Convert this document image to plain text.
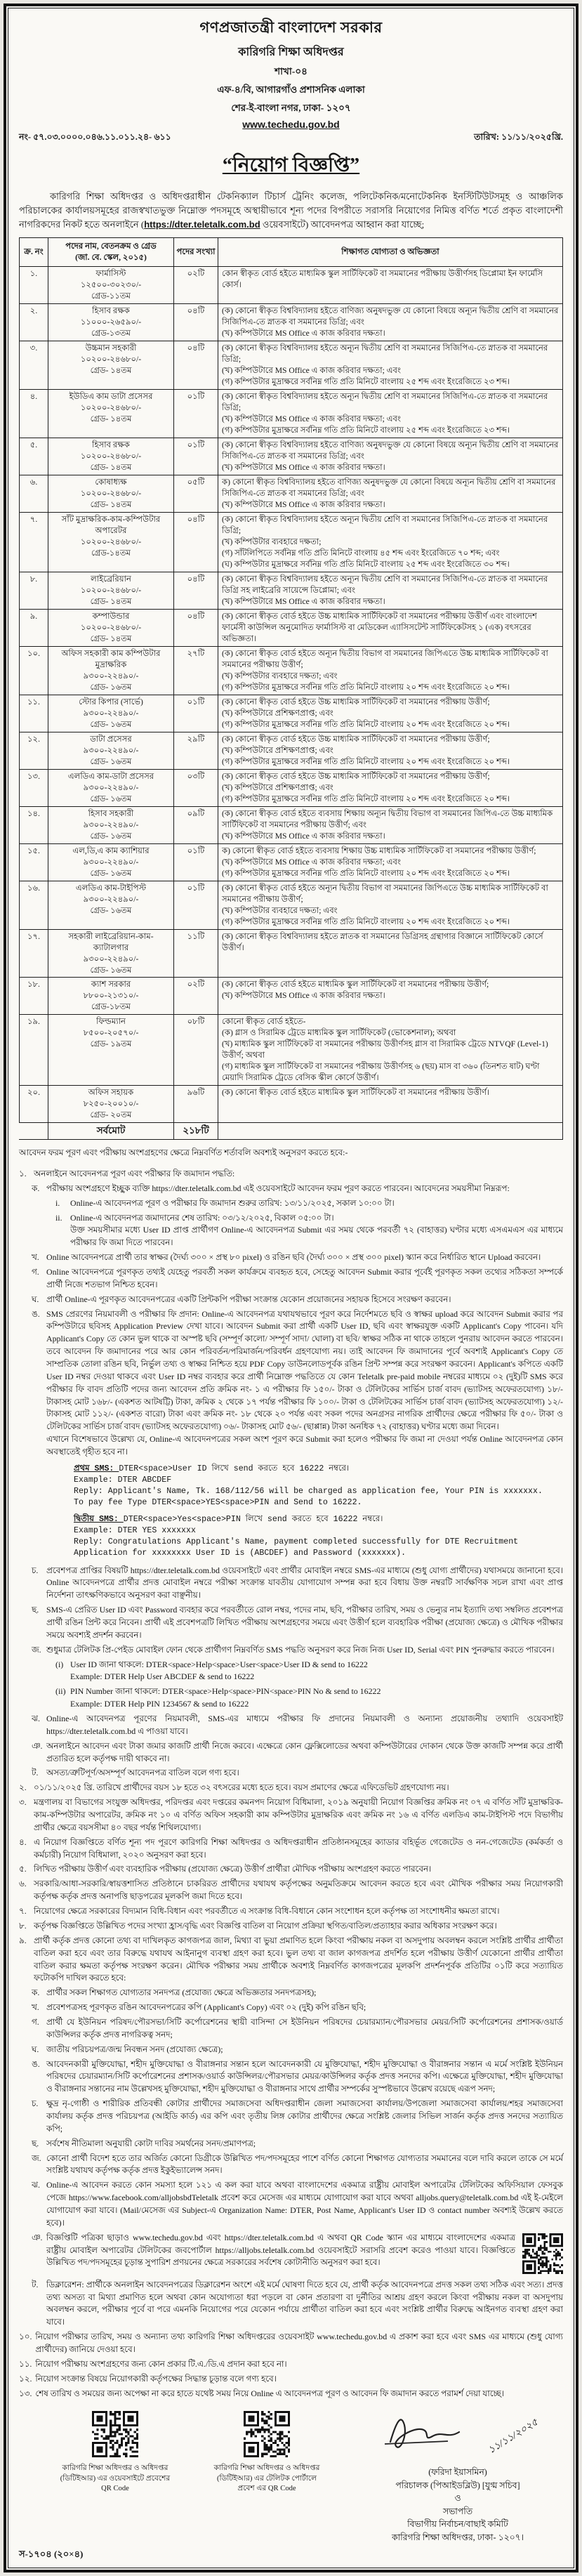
গণপ্রজাতন্ত্রী বাংলাদেশ সরকার
কারিগরি শিক্ষা অধিদপ্তর
শাখা-০৪
এফ-৪/বি, আগারগাঁও প্রশাসনিক এলাকা
শের-ই-বাংলা নগর, ঢাকা- ১২০৭
www.techedu.gov.bd
নং- ৫৭.০৩.০০০০.০৪৬.১১.০১১.২৪- ৬১১	তারিখ: ১১/১১/২০২৫খ্রি.
“নিয়োগ বিজ্ঞপ্তি”
কারিগরি শিক্ষা অধিদপ্তর ও অধিদপ্তরাধীন টেকনিক্যাল টিচার্স ট্রেনিং কলেজ, পলিটেকনিক/মনোটেকনিক ইনস্টিটিউটসমূহ ও আঞ্চলিক পরিচালকের কার্যালয়সমূহের রাজস্বখাতভুক্ত নিম্নোক্ত পদসমূহে অস্থায়ীভাবে শূন্য পদের বিপরীতে সরাসরি নিয়োগের নিমিত্ত বর্ণিত শর্তে প্রকৃত বাংলাদেশী নাগরিকদের নিকট হতে অনলাইনে (https://dter.teletalk.com.bd ওয়েবসাইটে) আবেদনপত্র আহ্বান করা যাচ্ছে;
ক্র. নং	পদের নাম, বেতনক্রম ও গ্রেড
(জা. বে. স্কেল, ২০১৫)	পদের সংখ্যা	শিক্ষাগত যোগ্যতা ও অভিজ্ঞতা
১.	ফার্মাসিস্ট
১২৫০০-৩০২৩০/-
গ্রেড-১১তম	০২টি	কোন স্বীকৃত বোর্ড হইতে মাধ্যমিক স্কুল সার্টিফিকেট বা সমমানের পরীক্ষায় উত্তীর্ণসহ ডিপ্লোমা ইন ফার্মেসি কোর্স।

২.	হিসাব রক্ষক
১১০০০-২৬৫৯০/-
গ্রেড-১৩তম
	০৪টি	(ক) কোনো স্বীকৃত বিশ্ববিদ্যালয় হইতে বাণিজ্য অনুষদভুক্ত যে কোনো বিষয়ে অন্যূন দ্বিতীয় শ্রেণি বা সমমানের সিজিপিএ-তে স্নাতক বা সমমানের ডিগ্রি; এবং
(খ) কম্পিউটারে MS Office এ কাজ করিবার দক্ষতা।

৩.	উচ্চমান সহকারী
১০২০০-২৪৬৮০/-
গ্রেড- ১৪তম
	০৪টি	(ক) কোনো স্বীকৃত বিশ্ববিদ্যালয় হইতে অন্যূন দ্বিতীয় শ্রেণি বা সমমানের সিজিপিএ-তে স্নাতক বা সমমানের ডিগ্রি;
(খ) কম্পিউটারে MS Office এ কাজ করিবার দক্ষতা; এবং
(গ) কম্পিউটার মুদ্রাক্ষরে সর্বনিম্ন গতি প্রতি মিনিটে বাংলায় ২৫ শব্দ এবং ইংরেজিতে ২৩ শব্দ।

৪.	ইউডিএ কাম ডাটা প্রসেসর
১০২০০-২৪৬৮০/-
গ্রেড- ১৪তম
	০১টি	(ক) কোনো স্বীকৃত বিশ্ববিদ্যালয় হইতে অন্যূন দ্বিতীয় শ্রেণি বা সমমানের সিজিপিএ-তে স্নাতক বা সমমানের ডিগ্রি;
(খ) কম্পিউটারে MS Office এ কাজ করিবার দক্ষতা; এবং
(গ) কম্পিউটার মুদ্রাক্ষরে সর্বনিম্ন গতি প্রতি মিনিটে বাংলায় ২৫ শব্দ এবং ইংরেজিতে ২৩ শব্দ।

৫.	হিসাব রক্ষক
১০২০০-২৪৬৮০/-
গ্রেড- ১৪তম
	০১টি	(ক) কোনো স্বীকৃত বিশ্ববিদ্যালয় হইতে বাণিজ্য অনুষদভুক্ত যে কোনো বিষয়ে অন্যূন দ্বিতীয় শ্রেণি বা সমমানের সিজিপিএ-তে স্নাতক বা সমমানের ডিগ্রি; এবং
(খ) কম্পিউটারে MS Office এ কাজ করিবার দক্ষতা।

৬.	কোষাধ্যক্ষ
১০২০০-২৪৬৮০/-
গ্রেড- ১৪তম
	০৫টি	ক) কোনো স্বীকৃত বিশ্ববিদ্যালয় হইতে বাণিজ্য অনুষদভুক্ত যে কোনো বিষয়ে অন্যূন দ্বিতীয় শ্রেণি বা সমমানের সিজিপিএ-তে স্নাতক বা সমমানের ডিগ্রি; এবং
(খ) কম্পিউটারে MS Office এ কাজ করিবার দক্ষতা।

৭.	সাঁট মুদ্রাক্ষরিক-কাম-কম্পিউটার অপারেটর
১০২০০-২৪৬৮০/-
গ্রেড-১৪তম
	০৪টি	(ক) কোনো স্বীকৃত বিশ্ববিদ্যালয় হইতে অন্যূন দ্বিতীয় শ্রেণি বা সমমানের সিজিপিএ-তে স্নাতক বা সমমানের ডিগ্রি;
(খ) কম্পিউটার ব্যবহারে দক্ষতা;
(গ) সাঁটলিপিতে সর্বনিম্ন গতি প্রতি মিনিটে বাংলায় ৪৫ শব্দ এবং ইংরেজিতে ৭০ শব্দ; এবং
(ঘ) কম্পিউটার মুদ্রাক্ষরে সর্বনিম্ন গতি প্রতি মিনিটে বাংলায় ২৫ শব্দ এবং ইংরেজিতে ৩০ শব্দ।

৮.	লাইব্রেরিয়ান
১০২০০-২৪৬৮০/-
গ্রেড- ১৪তম
	০৪টি	(ক) কোনো স্বীকৃত বিশ্ববিদ্যালয় হইতে অন্যূন দ্বিতীয় শ্রেণি বা সমমানের সিজিপিএ-তে স্নাতক বা সমমানের ডিগ্রি সহ লাইব্রেরি সায়েন্সে ডিপ্লোমা; এবং
(খ) কম্পিউটারে MS Office এ কাজ করিবার দক্ষতা।

৯.	কম্পাউন্ডার
১০২০০-২৪৬৮০/-
গ্রেড- ১৪তম	০৪টি	(ক) কোনো স্বীকৃত বোর্ড হইতে উচ্চ মাধ্যমিক সার্টিফিকেট বা সমমানের পরীক্ষায় উত্তীর্ণ এবং বাংলাদেশ ফার্মেসী কাউন্সিল অনুমোদিত ফার্মাসিস্ট বা মেডিকেল এ্যাসিসটেন্ট সার্টিফিকেটসহ ১ (এক) বৎসরের অভিজ্ঞতা।

১০.	অফিস সহকারী কাম কম্পিউটার মুদ্রাক্ষরিক
৯৩০০-২২৪৯০/-
গ্রেড- ১৬তম
	২৭টি	(ক) কোনো স্বীকৃত বোর্ড হইতে অন্যূন দ্বিতীয় বিভাগ বা সমমানের জিপিএতে উচ্চ মাধ্যমিক সার্টিফিকেট বা সমমানের পরীক্ষায় উত্তীর্ণ;
(খ) কম্পিউটার ব্যবহারে দক্ষতা; এবং
(গ) কম্পিউটার মুদ্রাক্ষরে সর্বনিম্ন গতি প্রতি মিনিটে বাংলায় ২০ শব্দ এবং ইংরেজিতে ২০ শব্দ।

১১.	স্টোর কিপার (সার্ভে)
৯৩০০-২২৪৯০/-
গ্রেড- ১৬তম
	০১টি	(ক) কোনো স্বীকৃত বোর্ড হইতে উচ্চ মাধ্যমিক সার্টিফিকেট বা সমমানের পরীক্ষায় উত্তীর্ণ;
(খ) কম্পিউটারে প্রশিক্ষণপ্রাপ্ত; এবং
(গ) কম্পিউটার মুদ্রাক্ষরে সর্বনিম্ন গতি প্রতি মিনিটে বাংলায় ২০ শব্দ এবং ইংরেজিতে ২০ শব্দ।

১২.	ডাটা প্রসেসর
৯৩০০-২২৪৯০/-
গ্রেড- ১৬তম
	২৯টি	(ক) কোনো স্বীকৃত বোর্ড হইতে উচ্চ মাধ্যমিক সার্টিফিকেট বা সমমানের পরীক্ষায় উত্তীর্ণ;
(খ) কম্পিউটারে প্রশিক্ষণপ্রাপ্ত; এবং
(গ) কম্পিউটার মুদ্রাক্ষরে সর্বনিম্ন গতি প্রতি মিনিটে বাংলায় ২০ শব্দ এবং ইংরেজিতে ২০ শব্দ।

১৩.	এলডিএ কাম-ডাটা প্রসেসর
৯৩০০-২২৪৯০/-
গ্রেড- ১৬তম
	০৩টি	(ক) কোনো স্বীকৃত বোর্ড হইতে উচ্চ মাধ্যমিক সার্টিফিকেট বা সমমানের পরীক্ষায় উত্তীর্ণ;
(খ) কম্পিউটারে প্রশিক্ষণপ্রাপ্ত; এবং
(গ) কম্পিউটার মুদ্রাক্ষরে সর্বনিম্ন গতি প্রতি মিনিটে বাংলায় ২০ শব্দ এবং ইংরেজিতে ২০ শব্দ।

১৪.	হিসাব সহকারী
৯৩০০-২২৪৯০/-
গ্রেড- ১৬তম
	০৯টি	(ক) কোনো স্বীকৃত বোর্ড হইতে ব্যবসায় শিক্ষায় অন্যূন দ্বিতীয় বিভাগ বা সমমানের জিপিএ-তে উচ্চ মাধ্যমিক সার্টিফিকেট বা সমমানের পরীক্ষায় উত্তীর্ণ; এবং
(খ) কম্পিউটারে MS Office এ কাজ করিবার দক্ষতা।

১৫.	এল,ডি,এ কাম ক্যাশিয়ার
৯৩০০-২২৪৯০/-
গ্রেড- ১৬তম
	০১টি	ক) কোনো স্বীকৃত বোর্ড হইতে ব্যবসায় শিক্ষায় উচ্চ মাধ্যমিক সার্টিফিকেট বা সমমানের পরীক্ষায় উত্তীর্ণ;
(খ) কম্পিউটারে MS Office এ কাজ করিবার দক্ষতা; এবং
(গ) কম্পিউটার মুদ্রাক্ষরে সর্বনিম্ন গতি প্রতি মিনিটে বাংলায় ২০ শব্দ এবং ইংরেজিতে ২০ শব্দ।

১৬.	এলডিএ কাম-টাইপিস্ট
৯৩০০-২২৪৯০/-
গ্রেড- ১৬তম
	০১টি	(ক) কোনো স্বীকৃত বোর্ড হইতে অন্যূন দ্বিতীয় বিভাগ বা সমমানের জিপিএতে উচ্চ মাধ্যমিক সার্টিফিকেট বা সমমানের পরীক্ষায় উত্তীর্ণ;
(খ) কম্পিউটার ব্যবহারে দক্ষতা; এবং
(গ) কম্পিউটার মুদ্রাক্ষরে সর্বনিম্ন গতি প্রতি মিনিটে বাংলায় ২০ শব্দ এবং ইংরেজিতে ২০ শব্দ।

১৭.	সহকারী লাইব্রেরিয়ান-কাম-ক্যাটালগার
৯৩০০-২২৪৯০/-
গ্রেড- ১৬তম	১১টি	(ক) কোনো স্বীকৃত বিশ্ববিদ্যালয় হইতে স্নাতক বা সমমানের ডিগ্রিসহ গ্রন্থাগার বিজ্ঞানে সার্টিফিকেট কোর্সে উত্তীর্ণ।

১৮.	ক্যাশ সরকার
৮৮০০-২১৩১০/-
গ্রেড-১৮তম
	০২টি	(ক) কোনো স্বীকৃত বোর্ড হইতে মাধ্যমিক স্কুল সার্টিফিকেট বা সমমানের পরীক্ষায় উত্তীর্ণ;
(খ) কম্পিউটারে MS Office এ কাজ করিবার দক্ষতা।

১৯.	ফিল্ডম্যান
৮৫০০-২০৫৭০/-
গ্রেড- ১৯তম
	০৮টি	কোনো স্বীকৃত বোর্ড হইতে-
(ক) গ্লাস ও সিরামিক ট্রেডে মাধ্যমিক স্কুল সার্টিফিকেট (ভোকেশনাল); অথবা
(খ) মাধ্যমিক স্কুল সার্টিফিকেট বা সমমানের পরীক্ষায় উত্তীর্ণসহ গ্লাস বা সিরামিক ট্রেডে NTVQF (Level-1) উত্তীর্ণ; অথবা
(গ) মাধ্যমিক স্কুল সার্টিফিকেট বা সমমানের পরীক্ষায় উত্তীর্ণসহ ৬ (ছয়) মাস বা ৩৬০ (তিনশত ষাট) ঘণ্টা মেয়াদি সিরামিক ট্রেডে বেসিক স্কীল কোর্সে উত্তীর্ণ।

২০.	অফিস সহায়ক
৮২৫০-২০০১০/-
গ্রেড- ২০তম	৯৬টি	(ক) কোনো স্বীকৃত বোর্ড হইতে মাধ্যমিক স্কুল সার্টিফিকেট বা সমমানের পরীক্ষায় উত্তীর্ণ।

	সর্বমোট	২১৮টি	
আবেদন ফরম পূরণ এবং পরীক্ষায় অংশগ্রহণের ক্ষেত্রে নিম্নবর্ণিত শর্তাবলি অবশ্যই অনুসরণ করতে হবে:-
১. অনলাইনে আবেদনপত্র পূরণ এবং পরীক্ষার ফি জমাদান পদ্ধতি:
ক. পরীক্ষায় অংশগ্রহণে ইচ্ছুক ব্যক্তি https://dter.teletalk.com.bd এই ওয়েবসাইটে আবেদন ফরম পূরণ করতে পারবেন। আবেদনের সময়সীমা নিম্নরূপ:
i.	Online-এ আবেদনপত্র পূরণ ও পরীক্ষার ফি জমাদান শুরুর তারিখ: ১৩/১১/২০২৫, সকাল ১০:০০ টা।
ii. Online-এ আবেদনপত্র জমাদানের শেষ তারিখ: ০৩/১২/২০২৫, বিকাল ০৫:০০ টা।
উক্ত সময়সীমার মধ্যে User ID প্রাপ্ত প্রার্থীগণ Online-এ আবেদনপত্র Submit এর সময় থেকে পরবর্তী ৭২ (বাহাত্তর) ঘণ্টার মধ্যে এসএমএস এর মাধ্যমে পরীক্ষার ফি জমা দিতে পারবেন।
খ. Online আবেদনপত্রে প্রার্থী তার স্বাক্ষর (দৈর্ঘ্য ৩০০ × প্রস্থ ৮০ pixel) ও রঙিন ছবি (দৈর্ঘ্য ৩০০ × প্রস্থ ৩০০ pixel) স্ক্যান করে নির্ধারিত স্থানে Upload করবেন।
গ. Online আবেদনপত্রে পূরণকৃত তথ্যই যেহেতু পরবর্তী সকল কার্যক্রমে ব্যবহৃত হবে, সেহেতু আবেদন Submit করার পূর্বেই পূরণকৃত সকল তথ্যের সঠিকতা সম্পর্কে প্রার্থী নিজে শতভাগ নিশ্চিত হবেন।
ঘ. প্রার্থী Online-এ পূরণকৃত আবেদনপত্রের একটি প্রিন্টকপি পরীক্ষা সংক্রান্ত যেকোন প্রয়োজনের সহায়ক হিসেবে সংরক্ষণ করবেন।
ঙ. SMS প্রেরণের নিয়মাবলী ও পরীক্ষার ফি প্রদান: Online-এ আবেদনপত্র যথাযথভাবে পূরণ করে নির্দেশমতে ছবি ও স্বাক্ষর upload করে আবেদন Submit করার পর কম্পিউটারে ছবিসহ Application Preview দেখা যাবে। আবেদন Submit করা প্রার্থী একটি User ID, ছবি এবং স্বাক্ষরযুক্ত একটি Applicant's Copy পাবেন। যদি Applicant's Copy তে কোন ভুল থাকে বা অস্পষ্ট ছবি (সম্পূর্ণ কালো/ সম্পূর্ণ সাদা/ ঘোলা) বা ছবি/ স্বাক্ষর সঠিক না থাকে তাহলে পুনরায় আবেদন করতে পারবেন। তবে আবেদন ফি জমাদানের পরে আর কোন পরিবর্তন/পরিমার্জন/পরিবর্ধন গ্রহণযোগ্য নয়। তাই আবেদন ফি জমাদানের পূর্বে অবশ্যই Applicant's Copy তে সাম্প্রতিক তোলা রঙিন ছবি, নির্ভুল তথ্য ও স্বাক্ষর নিশ্চিত হয়ে PDF Copy ডাউনলোডপূর্বক রঙিন প্রিন্ট সম্পন্ন করে সংরক্ষণ করবেন। Applicant's কপিতে একটি User ID নম্বর দেওয়া থাকবে এবং User ID নম্বর ব্যবহার করে প্রার্থী নিম্নোক্ত পদ্ধতিতে যে কোন Teletalk pre-paid mobile নম্বরের মাধ্যমে ০২ (দুই)টি SMS করে পরীক্ষার ফি বাবদ প্রতিটি পদের জন্য আবেদন প্রতি ক্রমিক নং- ১ এ পরীক্ষার ফি ১৫০/- টাকা ও টেলিটকের সার্ভিস চার্জ বাবদ (ভ্যাটসহ অফেরতযোগ্য) ১৮/- টাকাসহ মোট ১৬৮/- (একশত আটষট্টি) টাকা, ক্রমিক ২ থেকে ১৭ পর্যন্ত পরীক্ষার ফি ১০০/- টাকা ও টেলিটকের সার্ভিস চার্জ বাবদ (ভ্যাটসহ অফেরতযোগ্য) ১২/- টাকাসহ মোট ১১২/- (একশত বারো) টাকা এবং ক্রমিক নং- ১৮ থেকে ২০ পর্যন্ত এবং সকল পদের অনগ্রসর নাগরিক প্রার্থীদের ক্ষেত্রে পরীক্ষার ফি ৫০/- টাকা ও টেলিটকের সার্ভিস চার্জ বাবদ (ভ্যাটসহ অফেরতযোগ্য) ০৬/- টাকাসহ মোট ৫৬/- (ছাপ্পান্ন) টাকা অনধিক ৭২ (বাহাত্তর) ঘণ্টার মধ্যে জমা দিবেন।
এখানে বিশেষভাবে উল্লেখ্য যে, Online-এ আবেদনপত্রের সকল অংশ পূরণ করে Submit করা হলেও পরীক্ষার ফি জমা না দেওয়া পর্যন্ত Online আবেদনপত্র কোন অবস্থাতেই গৃহীত হবে না।
প্রথম SMS: DTER<space>User ID লিখে send করতে হবে 16222 নম্বরে।
Example: DTER ABCDEF
Reply: Applicant's Name, Tk. 168/112/56 will be charged as application fee, Your PIN is xxxxxxx.
To pay fee Type DTER<space>YES<space>PIN and Send to 16222.
দ্বিতীয় SMS: DTER<space>Yes<space>PIN লিখে send করতে হবে 16222 নম্বরে।
Example: DTER YES xxxxxxx
Reply: Congratulations Applicant's Name, payment completed successfully for DTE Recruitment Application for xxxxxxxx User ID is (ABCDEF) and Password (xxxxxxx).
চ. প্রবেশপত্র প্রাপ্তির বিষয়টি https://dter.teletalk.com.bd ওয়েবসাইটে এবং প্রার্থীর মোবাইল নম্বরে SMS-এর মাধ্যমে (শুধু যোগ্য প্রার্থীদের) যথাসময়ে জানানো হবে। Online আবেদনপত্রে প্রার্থীর প্রদত্ত মোবাইল নম্বরে পরীক্ষা সংক্রান্ত যাবতীয় যোগাযোগ সম্পন্ন করা হবে বিধায় উক্ত নম্বরটি সার্বক্ষণিক সচল রাখা এবং প্রাপ্ত নির্দেশনা তাৎক্ষণিকভাবে অনুসরণ করা বাঞ্ছনীয়।
ছ. SMS-এ প্রেরিত User ID এবং Password ব্যবহার করে পরবর্তীতে রোল নম্বর, পদের নাম, ছবি, পরীক্ষার তারিখ, সময় ও ভেন্যুর নাম ইত্যাদি তথ্য সম্বলিত প্রবেশপত্র প্রার্থী রঙিন প্রিন্ট করে নিবেন। প্রার্থী এই প্রবেশপত্রটি লিখিত পরীক্ষায় অংশগ্রহণের সময়ে এবং উত্তীর্ণ হলে ব্যবহারিক পরীক্ষা (প্রযোজ্য ক্ষেত্রে) ও মৌখিক পরীক্ষার সময়ে অবশ্যই প্রদর্শন করবেন।
জ. শুধুমাত্র টেলিটক প্রি-পেইড মোবাইল ফোন থেকে প্রার্থীগণ নিম্নবর্ণিত SMS পদ্ধতি অনুসরণ করে নিজ নিজ User ID, Serial এবং PIN পুনরুদ্ধার করতে পারবেন।
(i) User ID জানা থাকলে: DTER<space>Help<space>User<space>User ID & send to 16222
Example: DTER Help User ABCDEF & send to 16222
(ii) PIN Number জানা থাকলে: DTER<space>Help<space>PIN<space>PIN No & send to 16222
Example: DTER Help PIN 1234567 & send to 16222
ঝ. Online-এ আবেদনপত্র পূরণের নিয়মাবলী, SMS-এর মাধ্যমে পরীক্ষার ফি প্রদানের নিয়মাবলী ও অন্যান্য প্রয়োজনীয় তথ্যাদি ওয়েবসাইট https://dter.teletalk.com.bd এ পাওয়া যাবে।
ঞ. অনলাইনে আবেদন এবং টাকা জমার কাজটি প্রার্থী নিজে করবে। এক্ষেত্রে কোন ফ্লেক্সিলোডের অথবা কম্পিউটারের দোকান থেকে উক্ত কাজটি সম্পন্ন করে প্রার্থী প্রতারিত হলে কর্তৃপক্ষ দায়ী থাকবে না।
ট. অসত্য/ত্রুটিপূর্ণ/অসম্পূর্ণ আবেদনপত্র বাতিল বলে গণ্য হবে।
২. ০১/১১/২০২৫ খ্রি. তারিখে প্রার্থীদের বয়স ১৮ হতে ৩২ বৎসরের মধ্যে হতে হবে। বয়স প্রমাণের ক্ষেত্রে এফিডেভিট গ্রহণযোগ্য নয়।
৩. মন্ত্রণালয় বা বিভাগের সংযুক্ত অধিদপ্তর, পরিদপ্তর এবং দপ্তরের কমনপদ নিয়োগ বিধিমালা, ২০১৯ অনুযায়ী নিয়োগ বিজ্ঞপ্তির ক্রমিক নং ০৭ এ বর্ণিত সাঁট মুদ্রাক্ষরিক-কাম-কম্পিউটার অপারেটর, ক্রমিক নং ১০ এ বর্ণিত অফিস সহকারী কাম কম্পিউটার মুদ্রাক্ষরিক এবং ক্রমিক নং ১৬ এ বর্ণিত এলডিএ কাম-টাইপিস্ট পদে বিভাগীয় প্রার্থীর ক্ষেত্রে বয়সসীমা ৪০ বছর পর্যন্ত শিথিলযোগ্য।
৪. এ নিয়োগ বিজ্ঞপ্তিতে বর্ণিত শূন্য পদ পূরণে কারিগরি শিক্ষা অধিদপ্তর ও অধিদপ্তরাধীন প্রতিষ্ঠানসমূহের ক্যাডার বহির্ভূত গেজেটেড ও নন-গেজেটেড (কর্মকর্তা ও কর্মচারী) নিয়োগ বিধিমালা, ২০২০ অনুসরণ করা হবে।
৫. লিখিত পরীক্ষায় উত্তীর্ণ এবং ব্যবহারিক পরীক্ষায় (প্রযোজ্য ক্ষেত্রে) উত্তীর্ণ প্রার্থীরা মৌখিক পরীক্ষায় অংশগ্রহণ করতে পারবেন।
৬. সরকারি/আধা-সরকারি/স্বায়ত্তশাসিত প্রতিষ্ঠানে চাকরিরত প্রার্থীদের যথাযথ কর্তৃপক্ষের অনুমতিক্রমে আবেদন করতে হবে এবং মৌখিক পরীক্ষার সময় নিয়োগকারী কর্তৃপক্ষ কর্তৃক প্রদত্ত অনাপত্তি ছাড়পত্রের মূলকপি জমা দিতে হবে।
৭. নিয়োগের ক্ষেত্রে সরকারের বিদ্যমান বিধি-বিধান এবং পরবর্তীতে এ সংক্রান্ত বিধি-বিধানে কোন সংশোধন হলে কর্তৃপক্ষ তা সংশোধনীর ক্ষমতা রাখে।
৮. কর্তৃপক্ষ বিজ্ঞপ্তিতে উল্লিখিত পদের সংখ্যা হ্রাস/বৃদ্ধি এবং বিজ্ঞপ্তি বাতিল বা নিয়োগ প্রক্রিয়া স্থগিত/বাতিল/প্রত্যাহার করার অধিকার সংরক্ষণ করে।
৯. প্রার্থী কর্তৃক প্রদত্ত কোনো তথ্য বা দাখিলকৃত কাগজপত্র জাল, মিথ্যা বা ভুয়া প্রমাণিত হলে কিংবা পরীক্ষায় নকল বা অসদুপায় অবলম্বন করলে সংশ্লিষ্ট প্রার্থীর প্রার্থীতা বাতিল করা হবে এবং তার বিরুদ্ধে যথাযথ আইনানুগ ব্যবস্থা গ্রহণ করা হবে। ভুল তথ্য বা জাল কাগজপত্র প্রদর্শিত হলে পরীক্ষায় উত্তীর্ণ যেকোনো প্রার্থীর প্রার্থীতা বাতিল করার ক্ষমতা কর্তৃপক্ষ সংরক্ষণ করেন। মৌখিক পরীক্ষার সময় প্রার্থীকে অবশ্যই নিম্নবর্ণিত কাগজপত্রের মূলকপি প্রদর্শনপূর্বক প্রতিটির ০১টি করে সত্যায়িত ফটোকপি দাখিল করতে হবে:
ক. প্রার্থীর সকল শিক্ষাগত যোগ্যতার সনদপত্র (প্রযোজ্য ক্ষেত্রে অভিজ্ঞতার সনদপত্রসহ);
খ. প্রবেশপত্রসহ পূরণকৃত রঙিন আবেদনপত্রের কপি (Applicant's Copy) এবং ০২ (দুই) কপি রঙিন ছবি;
গ. প্রার্থী যে ইউনিয়ন পরিষদ/পৌরসভা/সিটি কর্পোরেশনের স্থায়ী বাসিন্দা সে ইউনিয়ন পরিষদের চেয়ারম্যান/পৌরসভার মেয়র/সিটি কর্পোরেশনের প্রশাসক/ওয়ার্ড কাউন্সিলর কর্তৃক প্রদত্ত নাগরিকত্ব সনদ;
ঘ. জাতীয় পরিচয়পত্র/জন্ম নিবন্ধন সনদ (প্রযোজ্য ক্ষেত্রে);
ঙ. আবেদনকারী মুক্তিযোদ্ধা, শহীদ মুক্তিযোদ্ধা ও বীরাঙ্গনার সন্তান হলে আবেদনকারী যে মুক্তিযোদ্ধা, শহীদ মুক্তিযোদ্ধা ও বীরাঙ্গনার সন্তান এ মর্মে সংশ্লিষ্ট ইউনিয়ন পরিষদের চেয়ারম্যান/সিটি কর্পোরেশনের প্রশাসক/ওয়ার্ড কাউন্সিলর/পৌরসভার মেয়র/কাউন্সিলর কর্তৃক প্রদত্ত সনদের কপি। এক্ষেত্রে মুক্তিযোদ্ধা, শহীদ মুক্তিযোদ্ধা ও বীরাঙ্গনার সন্তানের নাম উল্লেখসহ মুক্তিযোদ্ধা, শহীদ মুক্তিযোদ্ধা ও বীরাঙ্গনার সাথে প্রার্থীর সম্পর্কের সুস্পষ্টভাবে উল্লেখ রয়েছে এরূপ সনদ;
চ. ক্ষুদ্র নৃ-গোষ্ঠী ও শারীরিক প্রতিবন্ধী কোটার প্রার্থীদের সমাজসেবা অধিদপ্তরাধীন জেলা সমাজসেবা কার্যালয়/উপজেলা সমাজসেবা কার্যালয়/শহর সমাজসেবা কার্যালয় কর্তৃক প্রদত্ত পরিচয়পত্র (আইডি কার্ড) এর কপি এবং তৃতীয় লিঙ্গ কোটার প্রার্থীদের ক্ষেত্রে সংশ্লিষ্ট জেলার সিভিল সার্জন কর্তৃক প্রদত্ত সনদের সত্যায়িত কপি;
ছ. সর্বশেষ নীতিমালা অনুযায়ী কোটা দাবির সমর্থনের সনদ/প্রমাণপত্র;
জ. কোনো প্রার্থী বিদেশ হতে তার অর্জিত কোনো ডিগ্রীকে উল্লিখিত পদ/পদসমূহের পাশে বর্ণিত কোনো শিক্ষাগত যোগ্যতার সমমানের বলে দাবি করলে তাকে সে মর্মে সংশ্লিষ্ট যথাযথ কর্তৃপক্ষ কর্তৃক প্রদত্ত ইকুইভ্যালেন্স সনদ।
ঝ. Online-এ আবেদন করতে কোন সমস্যা হলে ১২১ এ কল করা যাবে অথবা বাংলাদেশের একমাত্র রাষ্ট্রীয় মোবাইল অপারেটর টেলিটকের অফিসিয়াল ফেসবুক পেজে https://www.facebook.com/alljobsbdTeletalk প্রবেশ করে মেসেজ এর মাধ্যমে যোগাযোগ করা যাবে অথবা alljobs.query@teletalk.com.bd এই ই-মেইলে যোগাযোগ করা যাবে। (Mail/মেসেজ এর Subject-এ Organization Name: DTER, Post Name, Applicant's User ID ও contact number অবশ্যই উল্লেখ করতে হবে)।
ঞ. বিজ্ঞপ্তিটি পত্রিকা ছাড়াও www.techedu.gov.bd এবং https://dter.teletalk.com.bd এ অথবা QR Code স্ক্যান এর মাধ্যমে বাংলাদেশের একমাত্র রাষ্ট্রীয় মোবাইল অপারেটর টেলিটকের জবপোর্টাল https://alljobs.teletalk.com.bd ওয়েবসাইটে সরাসরি প্রবেশ করেও পাওয়া যাবে। বিজ্ঞপ্তিতে উল্লিখিত পদ/পদসমূহের চূড়ান্ত সুপারিশ প্রণয়নের ক্ষেত্রে সরকারের সর্বশেষ কোটানীতি অনুসরণ করা হবে।
ট. ডিক্লারেশন: প্রার্থীকে অনলাইন আবেদনপত্রের ডিক্লারেশন অংশে এই মর্মে ঘোষণা দিতে হবে যে, প্রার্থী কর্তৃক আবেদনপত্রে প্রদত্ত সকল তথ্য সঠিক এবং সত্য। প্রদত্ত তথ্য অসত্য বা মিথ্যা প্রমাণিত হলে অথবা কোন অযোগ্যতা ধরা পড়লে বা কোন প্রতারণা বা দুর্নীতির আশ্রয় গ্রহণ করলে কিংবা পরীক্ষায় নকল বা অসদুপায় অবলম্বন করলে, পরীক্ষার পূর্বে বা পরে এমনকি নিয়োগের পরে যেকোন পর্যায়ে প্রার্থীতা বাতিল করা হবে এবং সংশ্লিষ্ট প্রার্থীর বিরুদ্ধে আইনগত ব্যবস্থা গ্রহণ করা যাবে।
১০. নিয়োগ পরীক্ষার তারিখ, সময় ও অন্যান্য তথ্য কারিগরি শিক্ষা অধিদপ্তরের ওয়েবসাইট www.techedu.gov.bd এ প্রকাশ করা হবে এবং SMS এর মাধ্যমে (শুধু যোগ্য প্রার্থীদের) জানিয়ে দেওয়া হবে।
১১. নিয়োগ পরীক্ষায় অংশগ্রহণের জন্য কোন প্রকার টি.এ./ডি.এ প্রদান করা হবে না।
১২. নিয়োগ সংক্রান্ত বিষয়ে নিয়োগকারী কর্তৃপক্ষের সিদ্ধান্ত চূড়ান্ত বলে গণ্য হবে।
১৩. শেষ তারিখ ও সময়ের জন্য অপেক্ষা না করে হাতে যথেষ্ট সময় নিয়ে Online এ আবেদনপত্র পূরণ ও আবেদন ফি জমাদান করতে পরামর্শ দেয়া যাচ্ছে।
কারিগরি শিক্ষা অধিদপ্তর ও অধিদপ্তর (ডিটিইআর) এর ওয়েবসাইটে প্রবেশের QR Code
কারিগরি শিক্ষা অধিদপ্তর ও অধিদপ্তর (ডিটিইআর) এর টেলিটক পোর্টালে প্রবেশ এর QR Code
১১/১১/২০২৫
(ফরিদা ইয়াসমিন)
পরিচালক (পিআইডব্লিউ) [যুগ্ম সচিব]
ও
সভাপতি
বিভাগীয় নির্বাচন/বাছাই কমিটি
কারিগরি শিক্ষা অধিদপ্তর, ঢাকা- ১২০৭।
স-১৭০৪ (২০×৪)
